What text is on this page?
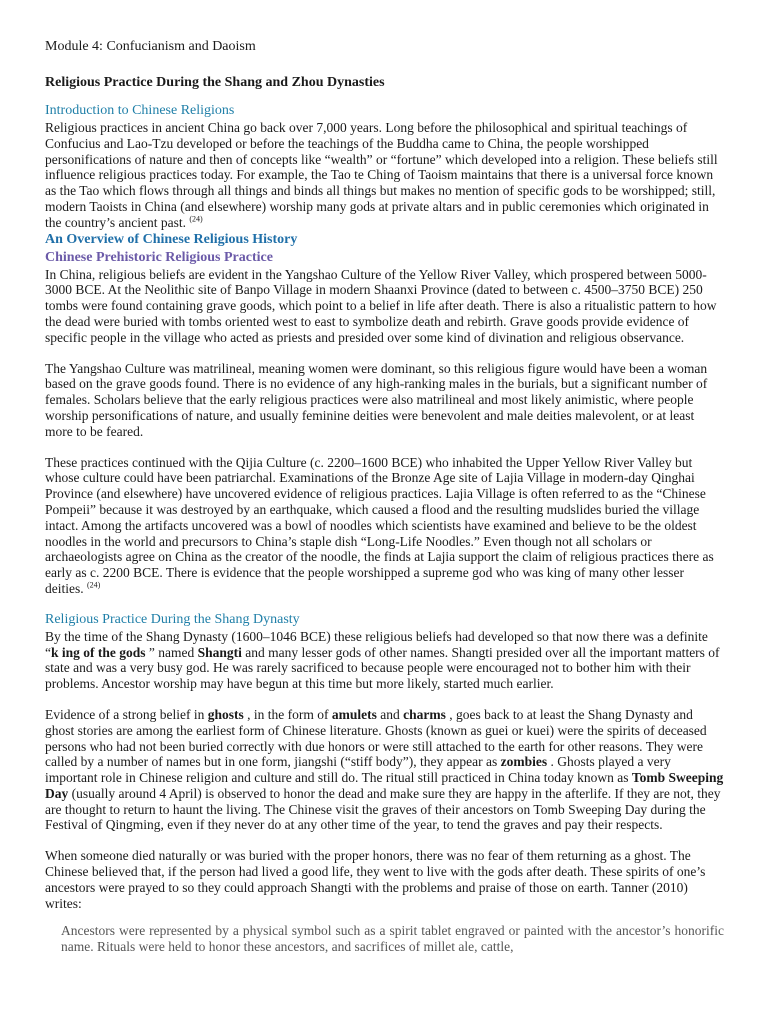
Module 4: Confucianism and Daoism
Religious Practice During the Shang and Zhou Dynasties
Introduction to Chinese Religions

Religious practices in ancient China go back over 7,000 years. Long before the philosophical and spiritual teachings of Confucius and Lao-Tzu developed or before the teachings of the Buddha came to China, the people worshipped personifications of nature and then of concepts like “wealth” or “fortune” which developed into a religion. These beliefs still influence religious practices today. For example, the Tao te Ching of Taoism maintains that there is a universal force known as the Tao which flows through all things and binds all things but makes no mention of specific gods to be worshipped; still, modern Taoists in China (and elsewhere) worship many gods at private altars and in public ceremonies which originated in the country’s ancient past. $^{(24)}$

An Overview of Chinese Religious History
Chinese Prehistoric Religious Practice

In China, religious beliefs are evident in the Yangshao Culture of the Yellow River Valley, which prospered between 5000-3000 BCE. At the Neolithic site of Banpo Village in modern Shaanxi Province (dated to between c. 4500–3750 BCE) 250 tombs were found containing grave goods, which point to a belief in life after death. There is also a ritualistic pattern to how the dead were buried with tombs oriented west to east to symbolize death and rebirth. Grave goods provide evidence of specific people in the village who acted as priests and presided over some kind of divination and religious observance.

The Yangshao Culture was matrilineal, meaning women were dominant, so this religious figure would have been a woman based on the grave goods found. There is no evidence of any high-ranking males in the burials, but a significant number of females. Scholars believe that the early religious practices were also matrilineal and most likely animistic, where people worship personifications of nature, and usually feminine deities were benevolent and male deities malevolent, or at least more to be feared.

These practices continued with the Qijia Culture (c. 2200–1600 BCE) who inhabited the Upper Yellow River Valley but whose culture could have been patriarchal. Examinations of the Bronze Age site of Lajia Village in modern-day Qinghai Province (and elsewhere) have uncovered evidence of religious practices. Lajia Village is often referred to as the “Chinese Pompeii” because it was destroyed by an earthquake, which caused a flood and the resulting mudslides buried the village intact. Among the artifacts uncovered was a bowl of noodles which scientists have examined and believe to be the oldest noodles in the world and precursors to China’s staple dish “Long-Life Noodles.” Even though not all scholars or archaeologists agree on China as the creator of the noodle, the finds at Lajia support the claim of religious practices there as early as c. 2200 BCE. There is evidence that the people worshipped a supreme god who was king of many other lesser deities. $^{(24)}$

Religious Practice During the Shang Dynasty

By the time of the Shang Dynasty (1600–1046 BCE) these religious beliefs had developed so that now there was a definite “k ing of the gods ” named Shangti and many lesser gods of other names. Shangti presided over all the important matters of state and was a very busy god. He was rarely sacrificed to because people were encouraged not to bother him with their problems. Ancestor worship may have begun at this time but more likely, started much earlier.

Evidence of a strong belief in ghosts , in the form of amulets and charms , goes back to at least the Shang Dynasty and ghost stories are among the earliest form of Chinese literature. Ghosts (known as guei or kuei) were the spirits of deceased persons who had not been buried correctly with due honors or were still attached to the earth for other reasons. They were called by a number of names but in one form, jiangshi (“stiff body”), they appear as zombies . Ghosts played a very important role in Chinese religion and culture and still do. The ritual still practiced in China today known as Tomb Sweeping Day (usually around 4 April) is observed to honor the dead and make sure they are happy in the afterlife. If they are not, they are thought to return to haunt the living. The Chinese visit the graves of their ancestors on Tomb Sweeping Day during the Festival of Qingming, even if they never do at any other time of the year, to tend the graves and pay their respects.

When someone died naturally or was buried with the proper honors, there was no fear of them returning as a ghost. The Chinese believed that, if the person had lived a good life, they went to live with the gods after death. These spirits of one’s ancestors were prayed to so they could approach Shangti with the problems and praise of those on earth. Tanner (2010) writes:

Ancestors were represented by a physical symbol such as a spirit tablet engraved or painted with the ancestor’s honorific name. Rituals were held to honor these ancestors, and sacrifices of millet ale, cattle,
